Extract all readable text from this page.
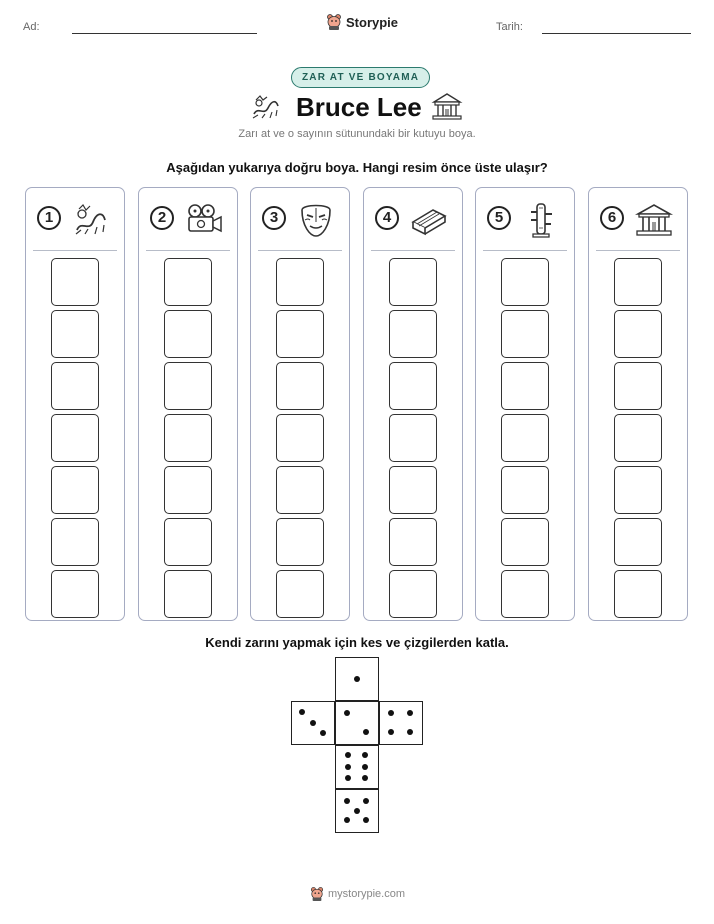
Ad:	Storypie	Tarih:
ZAR AT VE BOYAMA
Bruce Lee
Zarı at ve o sayının sütunundaki bir kutuyu boya.
Aşağıdan yukarıya doğru boya. Hangi resim önce üste ulaşır?
1	2	3	4	5	6
Kendi zarını yapmak için kes ve çizgilerden katla.
mystorypie.com
